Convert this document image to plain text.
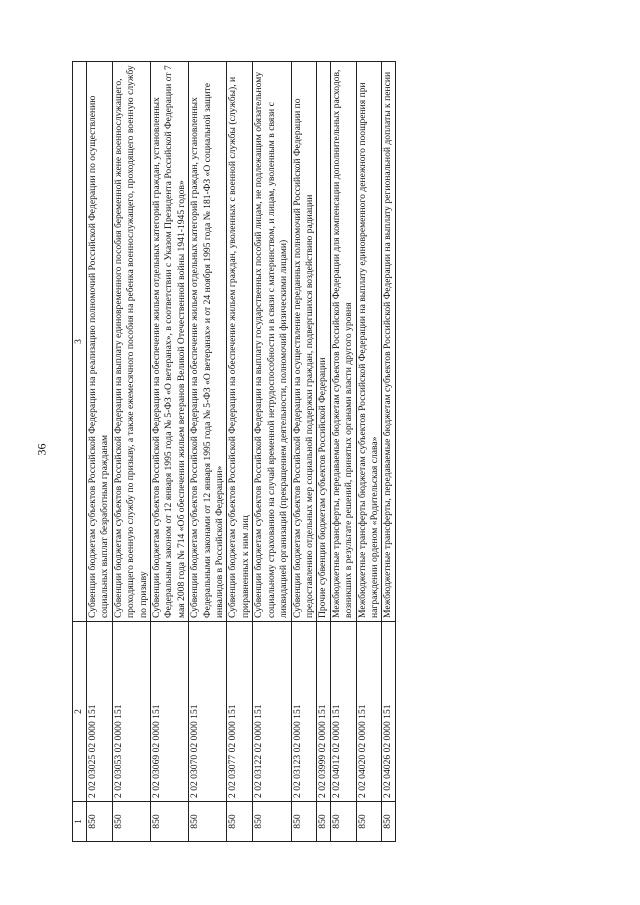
36
1	2	3
850	2 02 03025 02 0000 151	Субвенции бюджетам субъектов Российской Федерации на реализацию полномочий Российской Федерации по осуществлению социальных выплат безработным гражданам
850	2 02 03053 02 0000 151	Субвенции бюджетам субъектов Российской Федерации на выплату единовременного пособия беременной жене военнослужащего, проходящего военную службу по призыву, а также ежемесячного пособия на ребенка военнослужащего, проходящего военную службу по призыву
850	2 02 03069 02 0000 151	Субвенции бюджетам субъектов Российской Федерации на обеспечение жильем отдельных категорий граждан, установленных Федеральным законом от 12 января 1995 года № 5-ФЗ «О ветеранах», в соответствии с Указом Президента Российской Федерации от 7 мая 2008 года № 714 «Об обеспечении жильем ветеранов Великой Отечественной войны 1941-1945 годов»
850	2 02 03070 02 0000 151	Субвенции бюджетам субъектов Российской Федерации на обеспечение жильем отдельных категорий граждан, установленных Федеральными законами от 12 января 1995 года № 5-ФЗ «О ветеранах» и от 24 ноября 1995 года № 181-ФЗ «О социальной защите инвалидов в Российской Федерации»
850	2 02 03077 02 0000 151	Субвенции бюджетам субъектов Российской Федерации на обеспечение жильем граждан, уволенных с военной службы (службы), и приравненных к ним лиц
850	2 02 03122 02 0000 151	Субвенции бюджетам субъектов Российской Федерации на выплату государственных пособий лицам, не подлежащим обязательному социальному страхованию на случай временной нетрудоспособности и в связи с материнством, и лицам, уволенным в связи с ликвидацией организаций (прекращением деятельности, полномочий физическими лицами)
850	2 02 03123 02 0000 151	Субвенции бюджетам субъектов Российской Федерации на осуществление переданных полномочий Российской Федерации по предоставлению отдельных мер социальной поддержки граждан, подвергшихся воздействию радиации
850	2 02 03999 02 0000 151	Прочие субвенции бюджетам субъектов Российской Федерации
850	2 02 04012 02 0000 151	Межбюджетные трансферты, передаваемые бюджетам субъектов Российской Федерации для компенсации дополнительных расходов, возникших в результате решений, принятых органами власти другого уровня
850	2 02 04020 02 0000 151	Межбюджетные трансферты бюджетам субъектов Российской Федерации на выплату единовременного денежного поощрения при награждении орденом «Родительская слава»
850	2 02 04026 02 0000 151	Межбюджетные трансферты, передаваемые бюджетам субъектов Российской Федерации на выплату региональной доплаты к пенсии
